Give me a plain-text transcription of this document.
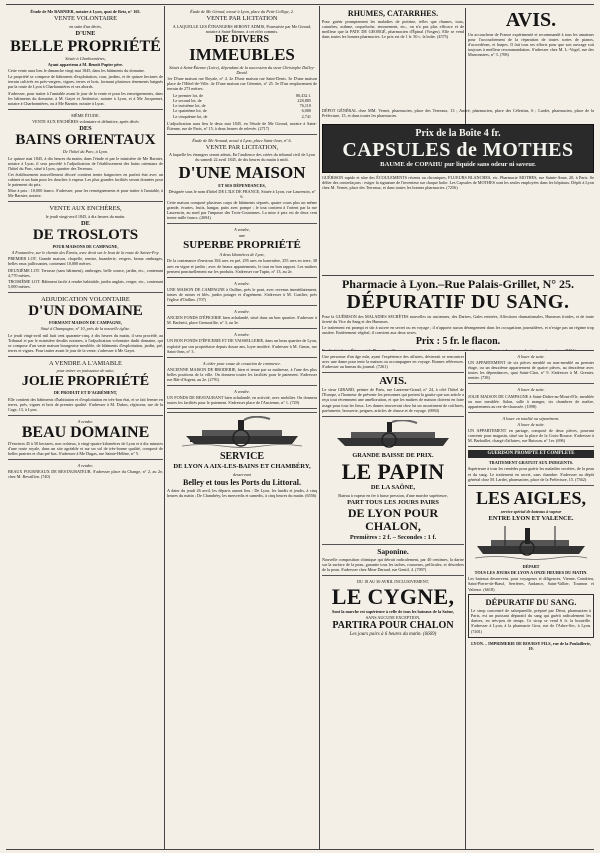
Étude de Me BARNIER, notaire à Lyon, quai de Retz, n° 165.
VENTE VOLONTAIRE
en suite d'un décès,
D'UNE
BELLE PROPRIÉTÉ
Située à Charbonnières,
Ayant appartenu à M. Benoît Pupier père.
Cette vente aura lieu le dimanche vingt mai 1845, dans les bâtiments du domaine.
La propriété se compose de bâtiments d'exploitation, cour, jardins, et de quinze hectares de terrain cultivés en prés-vergers, vignes, terres et bois, formant plusieurs tènements baignés par la route de Lyon à Charbonnières et ses abords.
S'adresser, pour traiter à l'amiable avant le jour de la vente et pour les renseignements, dans les bâtiments du domaine, à M. Gayet et Ambroise, notaire à Lyon, et à Me Jacquemet, notaire à Charbonnières, ou à Me Barnier, notaire à Lyon.
MÊME ÉTUDE.
VENTE AUX ENCHÈRES volontaire et définitive, après décès
DES
BAINS ORIENTAUX
De l'hôtel du Parc, à Lyon.
Le quinze mai 1845, à dix heures du matin, dans l'étude et par le ministère de Me Barnier, notaire à Lyon, il sera procédé à l'adjudication de l'établissement des bains orientaux de l'hôtel du Parc, situé à Lyon, quartier des Terreaux.
Cet établissement nouvellement décoré contient trente baignoires en parfait état avec un cabinet et un bain pour les douches à vapeur. Les plus grandes facilités seront données pour le paiement du prix.
Mise à prix : 10,000 francs. S'adresser, pour les renseignements et pour traiter à l'amiable, à Me Barnier, notaire.
VENTE AUX ENCHÈRES,
le jeudi vingt-avril 1845, à dix heures du matin.
DE
DE TROSLOTS
POUR MAISONS DE CAMPAGNE,
A Fontanière, sur le chemin des Étroits, avec droit sur le bout de la route de Sainte-Foy.
PREMIER LOT. Grande maison, chapelle, remise, buanderie, vergers, beaux ombrages, belles eaux jaillissantes, contenant 10,000 mètres.
DEUXIÈME LOT. Terrasse (sans bâtiment), ombrages, belle source, jardin, etc., contenant 4,770 mètres.
TROISIÈME LOT. Bâtiment facile à rendre habitable, jardin anglais, verger, etc., contenant 5,000 mètres.
ADJUDICATION VOLONTAIRE
D'UN DOMAINE
FORMANT MAISON DE CAMPAGNE,
Situé à Champagne, n° 10, près de la nouvelle église.
Le jeudi vingt-avril mil huit cent quarante-cinq, à dix heures du matin, il sera procédé, au Tribunal et par le ministère desdits notaires, à l'adjudication volontaire dudit domaine, qui se compose d'un vaste maison bourgeoise meublée, de bâtiments d'exploitation, jardin, pré, terres et vignes. Pour traiter avant le jour de la vente, s'adresser à Me Gayet.
A VENDRE A L'AMIABLE
pour entrer en jouissance de suite,
JOLIE PROPRIÉTÉ
DE PRODUIT ET D'AGRÉMENT,
Elle contient des bâtiments d'habitation et d'exploitation en très-bon état, et se fait fermer en terres, prés, vignes et bois de premier qualité. S'adresser à M. Dubos, régisseur, rue de la Cage, 13, à Lyon.
A vendre.
BEAU DOMAINE
D'environ 45 à 50 hectares, non coûteux, à vingt-quatre kilomètres de Lyon et à dix minutes d'une route royale, dans un site agréable et sur un sol de très-bonne qualité, composé de belles prairies et d'un pré bas. S'adresser à Me Dugas, rue Sainte-Hélène, n° 5.
A vendre.
BEAUX FOURNEAUX DE RESTAURATEUR. S'adresser place du Change, n° 2, au 2e, chez M. Revaillon. (740)
Étude de Me Giroud, avoué à Lyon, place du Petit-Collège, 2.
VENTE PAR LICITATION
A LAQUELLE LES ÉTRANGERS SERONT ADMIS, Poursuivie par Me Giroud, notaire à Saint-Étienne, à cet effet commis.
DE DIVERS
IMMEUBLES
Situés à Saint-Étienne (Loire), dépendant de la succession du sieur Christophe Dalley-David.
1er D'une maison rue Royale, n° 4. 2e D'une maison rue Saint-Denis. 3e D'une maison place de l'Hôtel-de-Ville. 4e D'une maison rue Gérentet, n° 25. 5e D'un emplacement de terrain de 273 mètres.
Le premier lot, de	80,432 f.
Le second lot, de	228,885
Le troisième lot, de	76,110
Le quatrième lot, de	6,000
Le cinquième lot, de	2,741
L'adjudication aura lieu le deux mai 1845, en l'étude de Me Giroud, notaire à Saint-Étienne, rue de Paris, n° 15, à deux heures de relevée. (2717)
Étude de Me Arnaud, avoué à Lyon, place Saint-Jean, n° 6.
VENTE PAR LICITATION,
A laquelle les étrangers seront admis, En l'audience des criées du tribunal civil de Lyon du samedi 22 avril 1845, de dix heures du matin à midi.
D'UNE MAISON
ET SES DÉPENDANCES,
Désignée sous le nom d'hôtel DE L'ILE DE FRANCE, Située à Lyon, rue Laurencin, n° 6.
Cette maison composé plusieurs corps de bâtiments séparés, quatre cours plus un même grande, écuries, fruits, hangar, puits avec pompe ; le tout contient à l'orient par la rue Laurencin, au nord par l'impasse des Trois-Couronnes. La mise à prix est de deux cent trente mille francs. (2694)
A vendre,
une
SUPERBE PROPRIÉTÉ
A deux kilomètres de Lyon,
De la contenance d'environ 384 ares en pré, 295 ares en luzernière, 255 ares en terre, 38 ares en vigne et jardin ; avec de beaux appartements, le tout en bon rapport. Les maîtres pensent ponctuellement sur les produits. S'adresser rue Tupin, n° 13, au 2e.
A vendre.
UNE MAISON DE CAMPAGNE à Oullins, près le pont, avec revenus immédiatement, tomes de ruines et blés, jardin potager et d'agrément. S'adresser à M. Cuzilier, près l'église d'Oullins. (707)
A vendre.
ANCIEN FONDS D'ÉPICERIE bien achalandé, situé dans un bon quartier. S'adresser à M. Bachetti, place Grenouillie, n° 3, au 3e.
A vendre.
UN BON FONDS D'ÉPICERIE ET DE VAISSELLERIE, dans un beau quartier de Lyon, exploité par son propriétaire depuis douze ans, loyer modéré. S'adresser à M. Ginon, rue Saint-Jean, n° 3.
A céder pour cause de cessation de commerce.
ANCIENNE MAISON DE BRODERIE, bien et tenue par sa maîtresse, à l'une des plus belles positions de la ville. On donnera toutes les facilités pour le paiement. S'adresser rue Bât-d'Argent, au 2e. (2791)
A vendre.
UN FONDS DE RESTAURANT bien achalandé, en activité, avec mobilier. On donnera toutes les facilités pour le paiement. S'adresser place de l'Ancienne, n° 1. (729)
SERVICE
DE LYON A AIX-LES-BAINS ET CHAMBÉRY,
desservant
Belley et tous les Ports du Littoral.
A dater du jeudi 26 avril, les départs auront lieu : De Lyon, les lundis et jeudis, à cinq heures du matin ; De Chambéry, les mercredis et samedis, à cinq heures du matin. (6556)
RHUMES, CATARRHES.
Pour guérir promptement les maladies de poitrine, telles que rhumes, toux, catarrhes, asthme, coqueluche, enrouement, etc., on n'a pas plus efficace et de meilleur que la PATE DE GEORGÉ, pharmacien d'Épinal (Vosges). Elle se vend dans toutes les bonnes pharmacies. Le prix est de 1 fr. 50 c. la boîte. (4575)
AVIS.
Un accoucheur de France expérimenté et recommandé à tous les amateurs pour l'accouchement de la réparation de toutes sortes de pianos, d'accordéons, et harpes. Il fait tous ses efforts pour que son ouvrage soit toujours à meilleur recommandation. S'adresser chez M. L.-Vogel, rue des Marronniers, n° 3. (708)
DÉPOT GÉNÉRAL chez MM. Vernet, pharmacien, place des Terreaux, 13 ; André, pharmacien, place des Célestins, 6 ; Lardet, pharmacien, place de la Préfecture, 15, et dans toutes les pharmacies.
Prix de la Boîte 4 fr.
CAPSULES de MOTHES
BAUME de COPAHU pur liquide sans odeur ni saveur.
GUÉRISON rapide et sûre des ÉCOULEMENTS récents ou chroniques, FLUEURS BLANCHES, etc. Pharmacie MOTHES, rue Sainte-Anne, 20, à Paris. Se défier des contrefaçons : exiger la signature de l'inventeur sur chaque boîte. Les Capsules de MOTHES sont les seules employées dans les hôpitaux. Dépôt à Lyon chez M. Vernet, place des Terreaux, et dans toutes les bonnes pharmacies. (7256)
Pharmacie à Lyon.–Rue Palais-Grillet, N° 25.
DÉPURATIF DU SANG.
Pour la GUÉRISON des MALADIES SECRÈTES nouvelles ou anciennes, des Dartres, Gales rentrées, Affections rhumatismales, Humeurs froides, et de toute âcreté du Vice du Sang et des Humeurs.
Le traitement est prompt et sûr à suivre en secret ou en voyage ; il n'apporte aucun dérangement dans les occupations journalières, et n'exige pas un régime trop austère. Entièrement végétal, il convient aux deux sexes.
Prix : 5 fr. le flacon.
En dépôt à Saint-Étienne, à la Pharmacie Chermezon, rue de la Comédie ; à Vienne, à la pharmacie Tissot, et dans toutes les bonnes pharmacies. (7401)
Une personne d'un âge mûr, ayant l'expérience des affaires, désirerait se rencontrer avec une dame pour tenir la maison ou accompagner en voyage. Bonnes références. S'adresser au bureau du journal. (7261)
AVIS.
Le sieur GIRARD, peintre de Paris, rue Lanterne-Grand, n° 24, à côté l'hôtel de l'Europe, a l'honneur de prévenir les personnes qui portent la goutte que son article a reçu tout récemment une amélioration, et que les maîtres de maison doivent en faire usage pour tous les lieux. Les dames trouveront chez lui un assortiment de coiffures, parfumerie, brosserie, peignes, articles de chasse et de voyage. (6984)
GRANDE BAISSE DE PRIX.
LE PAPIN
DE LA SAÔNE,
Bateau à vapeur en fer à basse pression, d'une marche supérieure,
PART TOUS LES JOURS PAIRS
DE LYON POUR CHALON,
Premières : 2 f. – Secondes : 1 f.
Saponine.
Nouvelle composition chimique qui détruit radicalement, par 40 centimes, la dartre sur la surface de la peau, garantie tous les taches, rousseurs, pellicules, et désordres de la peau. S'adresser chez Mme Daraud, rue Gentil, 4. (7097)
DU 18 AU 30 AVRIL INCLUSIVEMENT,
LE CYGNE,
Sont la marche est supérieure à celle de tous les bateaux de la Saône,
SANS AUCUNE EXCEPTION,
PARTIRA POUR CHALON
Les jours pairs à 6 heures du matin. (6669)
A louer de suite.
UN APPARTEMENT de six pièces meublé ou non-meublé au premier étage, ou un deuxième appartement de quatre pièces, au deuxième avec toutes les dépendances, quai Saint-Clair, n° 9. S'adresser à M. Grenier, rentier. (738)
A louer de suite.
JOLIE MAISON DE CAMPAGNE à Saint-Didier-au-Mont-d'Or, meublée ou non meublée. Salon, salle à manger, six chambres de maître, appartements au rez-de-chaussée. (1098)
A louer en totalité ou séparément.
A louer de suite.
UN APPARTEMENT en partage, composé de deux pièces, pouvant convenir pour magasin, situé sur la place de la Croix-Rousse. S'adresser à M. Barbaillet, chargé d'affaires, rue Buisson, n° 1er. (696)
GUÉRISON PROMPTE ET COMPLÈTE
TRAITEMENT GRATUIT AUX INDIGENTS.
Supérieure à tous les remèdes pour guérir les maladies secrètes, de la peau et du sang. Le traitement en secret, sans chambre. S'adresser au dépôt général chez M. Lardet, pharmacien, place de la Préfecture, 15. (7362)
LES AIGLES,
service spécial de bateaux à vapeur
ENTRE LYON ET VALENCE.
DÉPART
TOUS LES JOURS DE LYON A ONZE HEURES DU MATIN.
Les bateaux desservent, pour voyageurs et diligences, Vienne, Condrieu, Saint-Pierre-de-Bœuf, Serrières, Andance, Saint-Vallier, Tournon et Valence. (6618)
DÉPURATIF DU SANG.
Le sirop concentré de salsepareille, préparé par Dérot, pharmacien à Paris, est un puissant dépuratif du sang qui guérit radicalement les dartres, en très-peu de temps. Ce sirop se vend 6 fr. la bouteille. S'adresser à Lyon, à la pharmacie Gros, rue de l'Arbre-Sec, à Lyon. (7401)
LYON. – IMPRIMERIE DE BOURSY FILS, rue de la Poulaillerie, 19.
